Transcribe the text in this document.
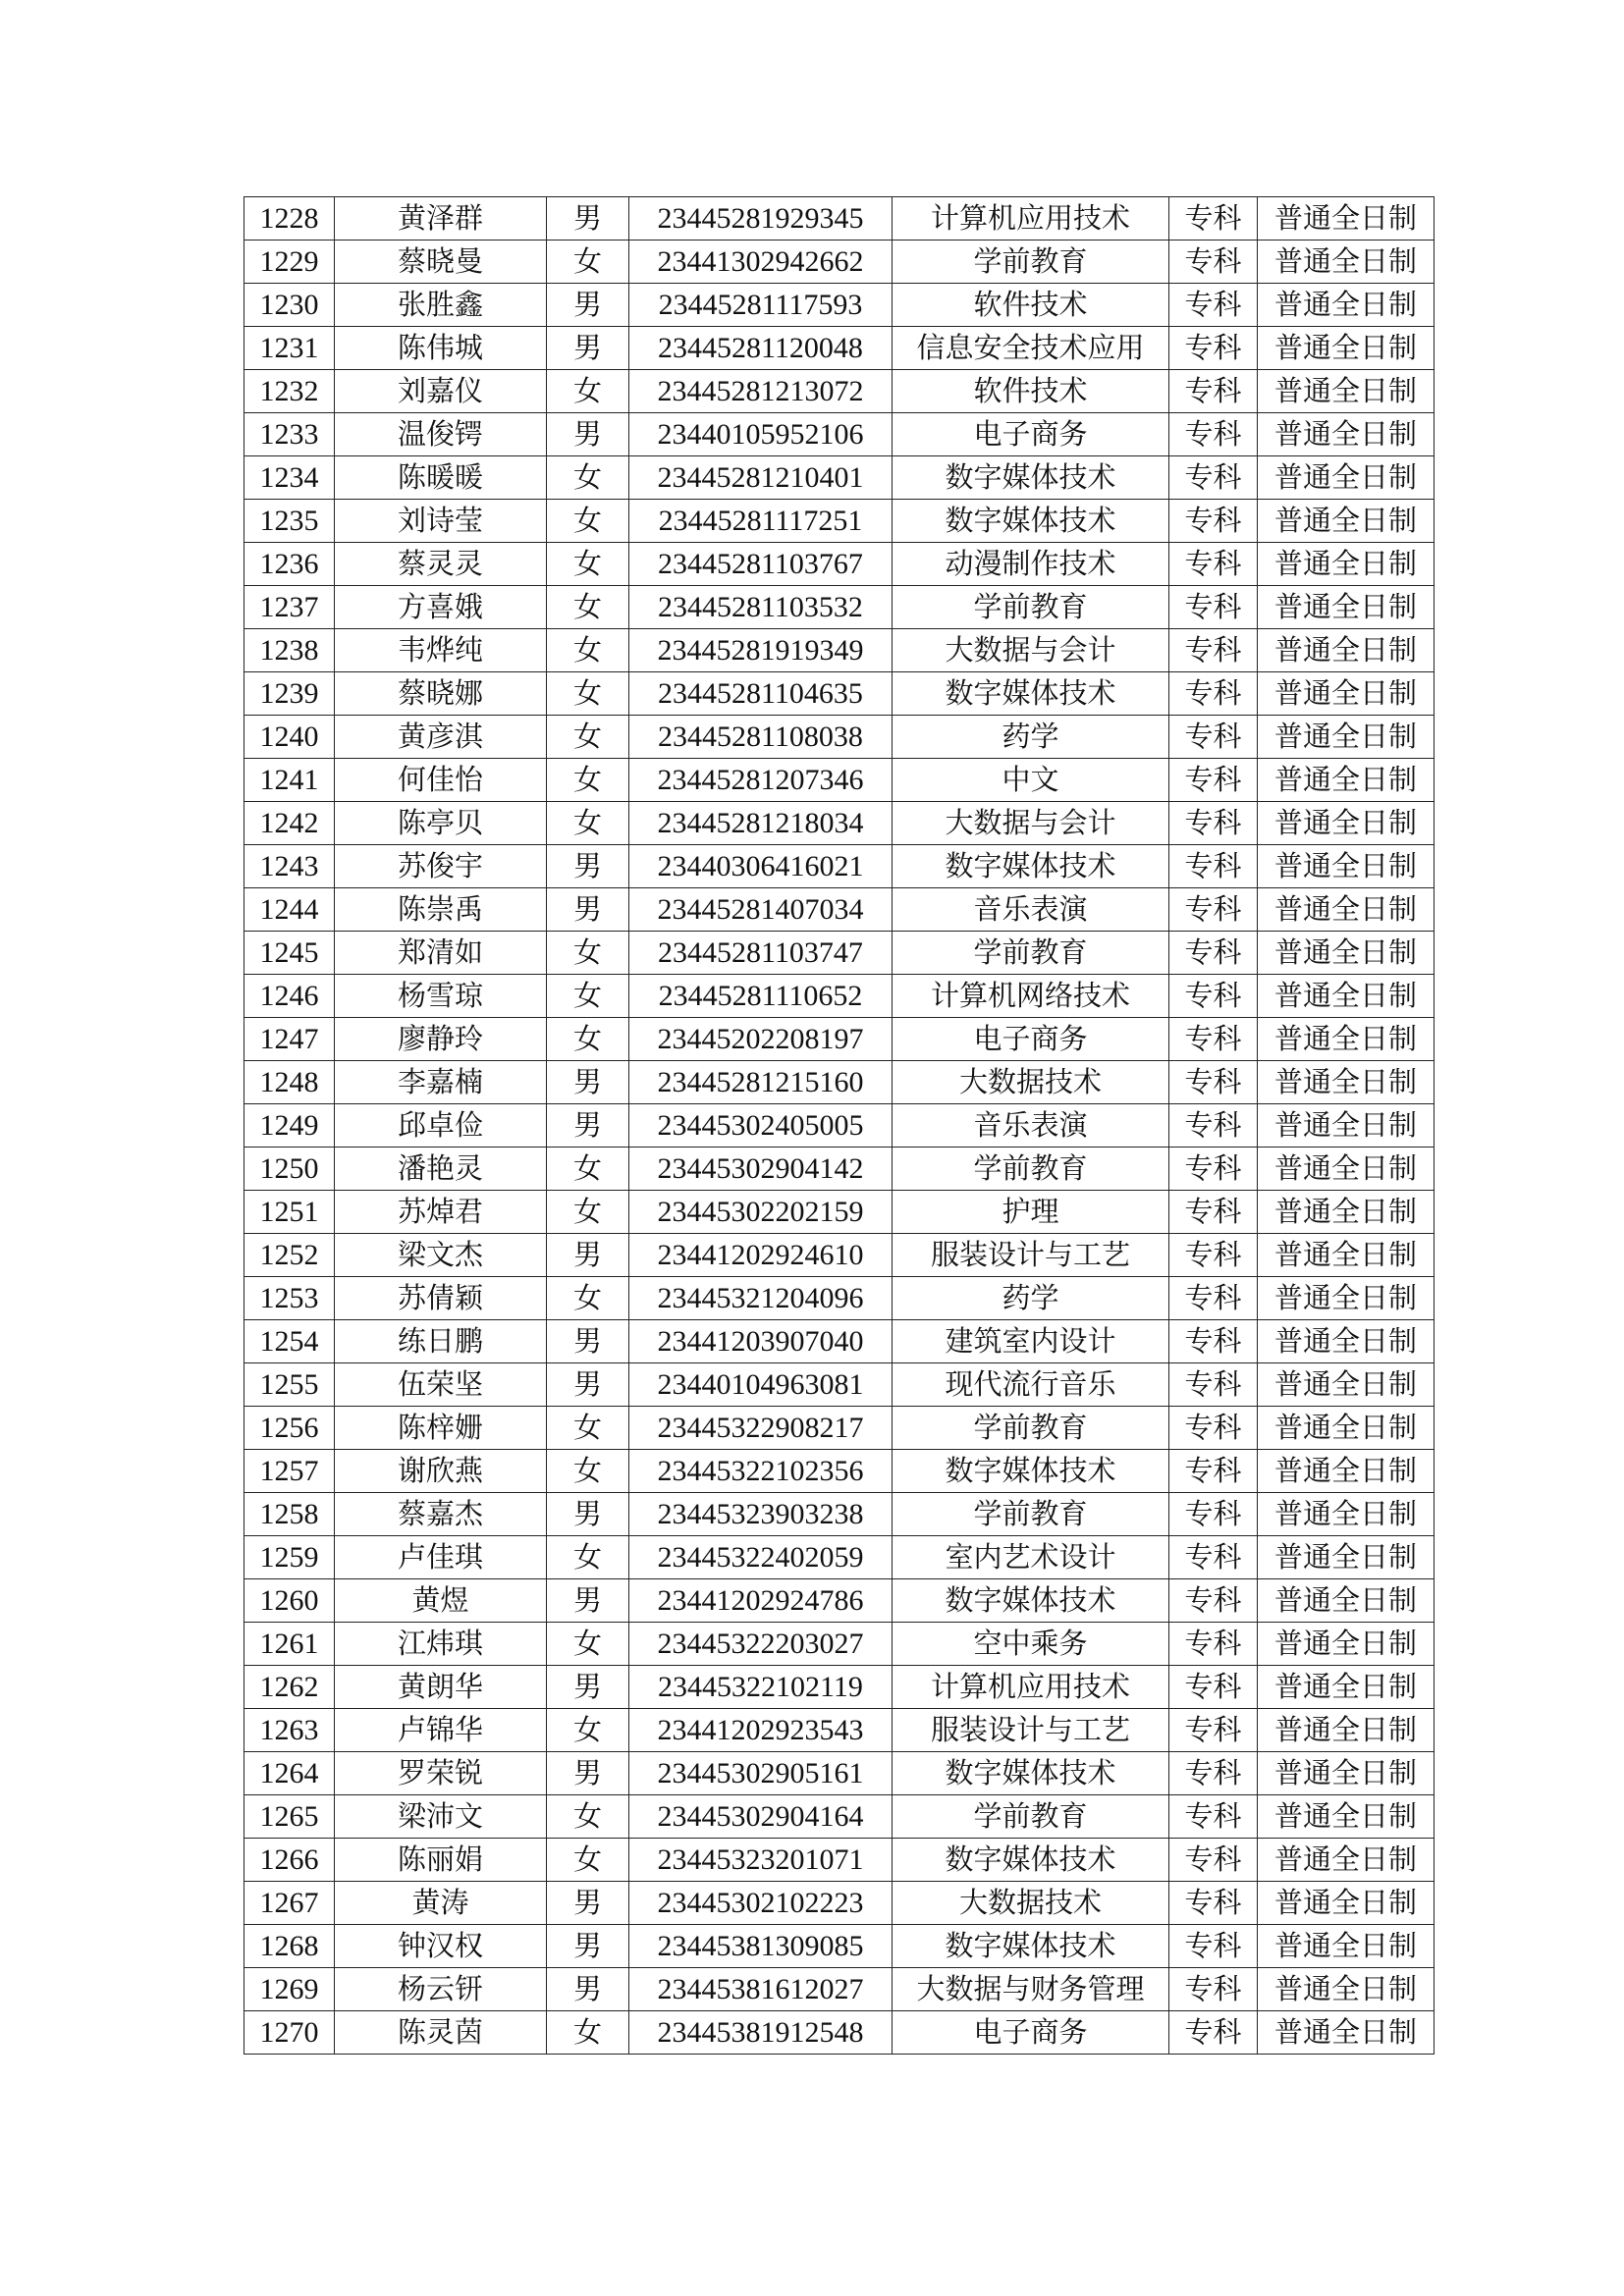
1228	黄泽群	男	23445281929345	计算机应用技术	专科	普通全日制
1229	蔡晓曼	女	23441302942662	学前教育	专科	普通全日制
1230	张胜鑫	男	23445281117593	软件技术	专科	普通全日制
1231	陈伟城	男	23445281120048	信息安全技术应用	专科	普通全日制
1232	刘嘉仪	女	23445281213072	软件技术	专科	普通全日制
1233	温俊锷	男	23440105952106	电子商务	专科	普通全日制
1234	陈暖暖	女	23445281210401	数字媒体技术	专科	普通全日制
1235	刘诗莹	女	23445281117251	数字媒体技术	专科	普通全日制
1236	蔡灵灵	女	23445281103767	动漫制作技术	专科	普通全日制
1237	方喜娥	女	23445281103532	学前教育	专科	普通全日制
1238	韦烨纯	女	23445281919349	大数据与会计	专科	普通全日制
1239	蔡晓娜	女	23445281104635	数字媒体技术	专科	普通全日制
1240	黄彦淇	女	23445281108038	药学	专科	普通全日制
1241	何佳怡	女	23445281207346	中文	专科	普通全日制
1242	陈亭贝	女	23445281218034	大数据与会计	专科	普通全日制
1243	苏俊宇	男	23440306416021	数字媒体技术	专科	普通全日制
1244	陈崇禹	男	23445281407034	音乐表演	专科	普通全日制
1245	郑清如	女	23445281103747	学前教育	专科	普通全日制
1246	杨雪琼	女	23445281110652	计算机网络技术	专科	普通全日制
1247	廖静玲	女	23445202208197	电子商务	专科	普通全日制
1248	李嘉楠	男	23445281215160	大数据技术	专科	普通全日制
1249	邱卓俭	男	23445302405005	音乐表演	专科	普通全日制
1250	潘艳灵	女	23445302904142	学前教育	专科	普通全日制
1251	苏焯君	女	23445302202159	护理	专科	普通全日制
1252	梁文杰	男	23441202924610	服装设计与工艺	专科	普通全日制
1253	苏倩颖	女	23445321204096	药学	专科	普通全日制
1254	练日鹏	男	23441203907040	建筑室内设计	专科	普通全日制
1255	伍荣坚	男	23440104963081	现代流行音乐	专科	普通全日制
1256	陈梓姗	女	23445322908217	学前教育	专科	普通全日制
1257	谢欣燕	女	23445322102356	数字媒体技术	专科	普通全日制
1258	蔡嘉杰	男	23445323903238	学前教育	专科	普通全日制
1259	卢佳琪	女	23445322402059	室内艺术设计	专科	普通全日制
1260	黄煜	男	23441202924786	数字媒体技术	专科	普通全日制
1261	江炜琪	女	23445322203027	空中乘务	专科	普通全日制
1262	黄朗华	男	23445322102119	计算机应用技术	专科	普通全日制
1263	卢锦华	女	23441202923543	服装设计与工艺	专科	普通全日制
1264	罗荣锐	男	23445302905161	数字媒体技术	专科	普通全日制
1265	梁沛文	女	23445302904164	学前教育	专科	普通全日制
1266	陈丽娟	女	23445323201071	数字媒体技术	专科	普通全日制
1267	黄涛	男	23445302102223	大数据技术	专科	普通全日制
1268	钟汉权	男	23445381309085	数字媒体技术	专科	普通全日制
1269	杨云钘	男	23445381612027	大数据与财务管理	专科	普通全日制
1270	陈灵茵	女	23445381912548	电子商务	专科	普通全日制
